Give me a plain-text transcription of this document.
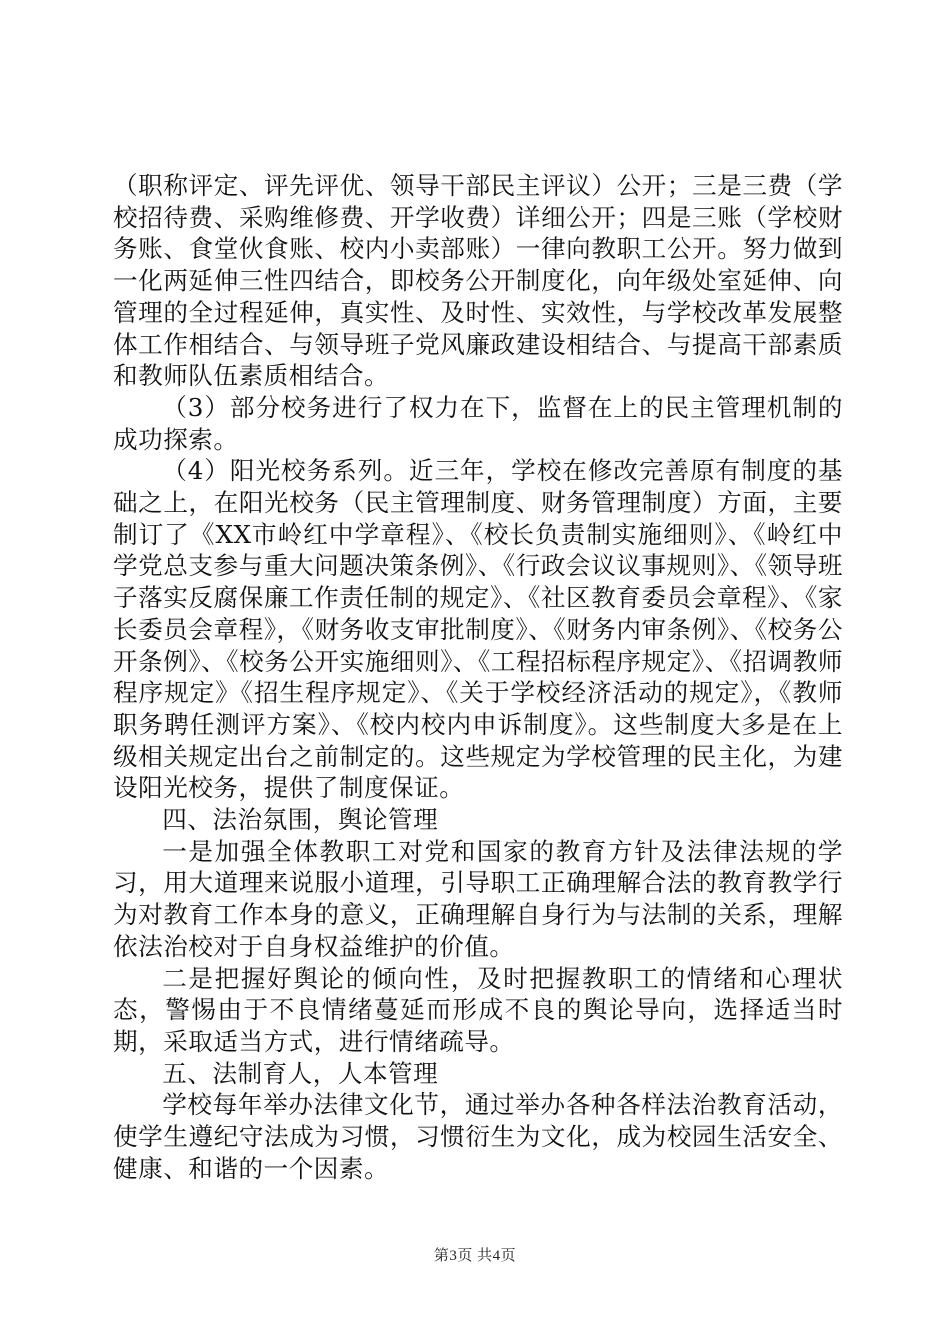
（职称评定、评先评优、领导干部民主评议）公开；三是三费（学校招待费、采购维修费、开学收费）详细公开；四是三账（学校财务账、食堂伙食账、校内小卖部账）一律向教职工公开。努力做到一化两延伸三性四结合，即校务公开制度化，向年级处室延伸、向管理的全过程延伸，真实性、及时性、实效性，与学校改革发展整体工作相结合、与领导班子党风廉政建设相结合、与提高干部素质和教师队伍素质相结合。

（3）部分校务进行了权力在下，监督在上的民主管理机制的成功探索。

（4）阳光校务系列。近三年，学校在修改完善原有制度的基础之上，在阳光校务（民主管理制度、财务管理制度）方面，主要制订了《XX市岭红中学章程》、《校长负责制实施细则》、《岭红中学党总支参与重大问题决策条例》、《行政会议议事规则》、《领导班子落实反腐保廉工作责任制的规定》、《社区教育委员会章程》、《家长委员会章程》，《财务收支审批制度》、《财务内审条例》、《校务公开条例》、《校务公开实施细则》、《工程招标程序规定》、《招调教师程序规定》《招生程序规定》、《关于学校经济活动的规定》，《教师职务聘任测评方案》、《校内校内申诉制度》。这些制度大多是在上级相关规定出台之前制定的。这些规定为学校管理的民主化，为建设阳光校务，提供了制度保证。

四、法治氛围，舆论管理

一是加强全体教职工对党和国家的教育方针及法律法规的学习，用大道理来说服小道理，引导职工正确理解合法的教育教学行为对教育工作本身的意义，正确理解自身行为与法制的关系，理解依法治校对于自身权益维护的价值。

二是把握好舆论的倾向性，及时把握教职工的情绪和心理状态，警惕由于不良情绪蔓延而形成不良的舆论导向，选择适当时期，采取适当方式，进行情绪疏导。

五、法制育人，人本管理

学校每年举办法律文化节，通过举办各种各样法治教育活动，使学生遵纪守法成为习惯，习惯衍生为文化，成为校园生活安全、健康、和谐的一个因素。

第3页 共4页
